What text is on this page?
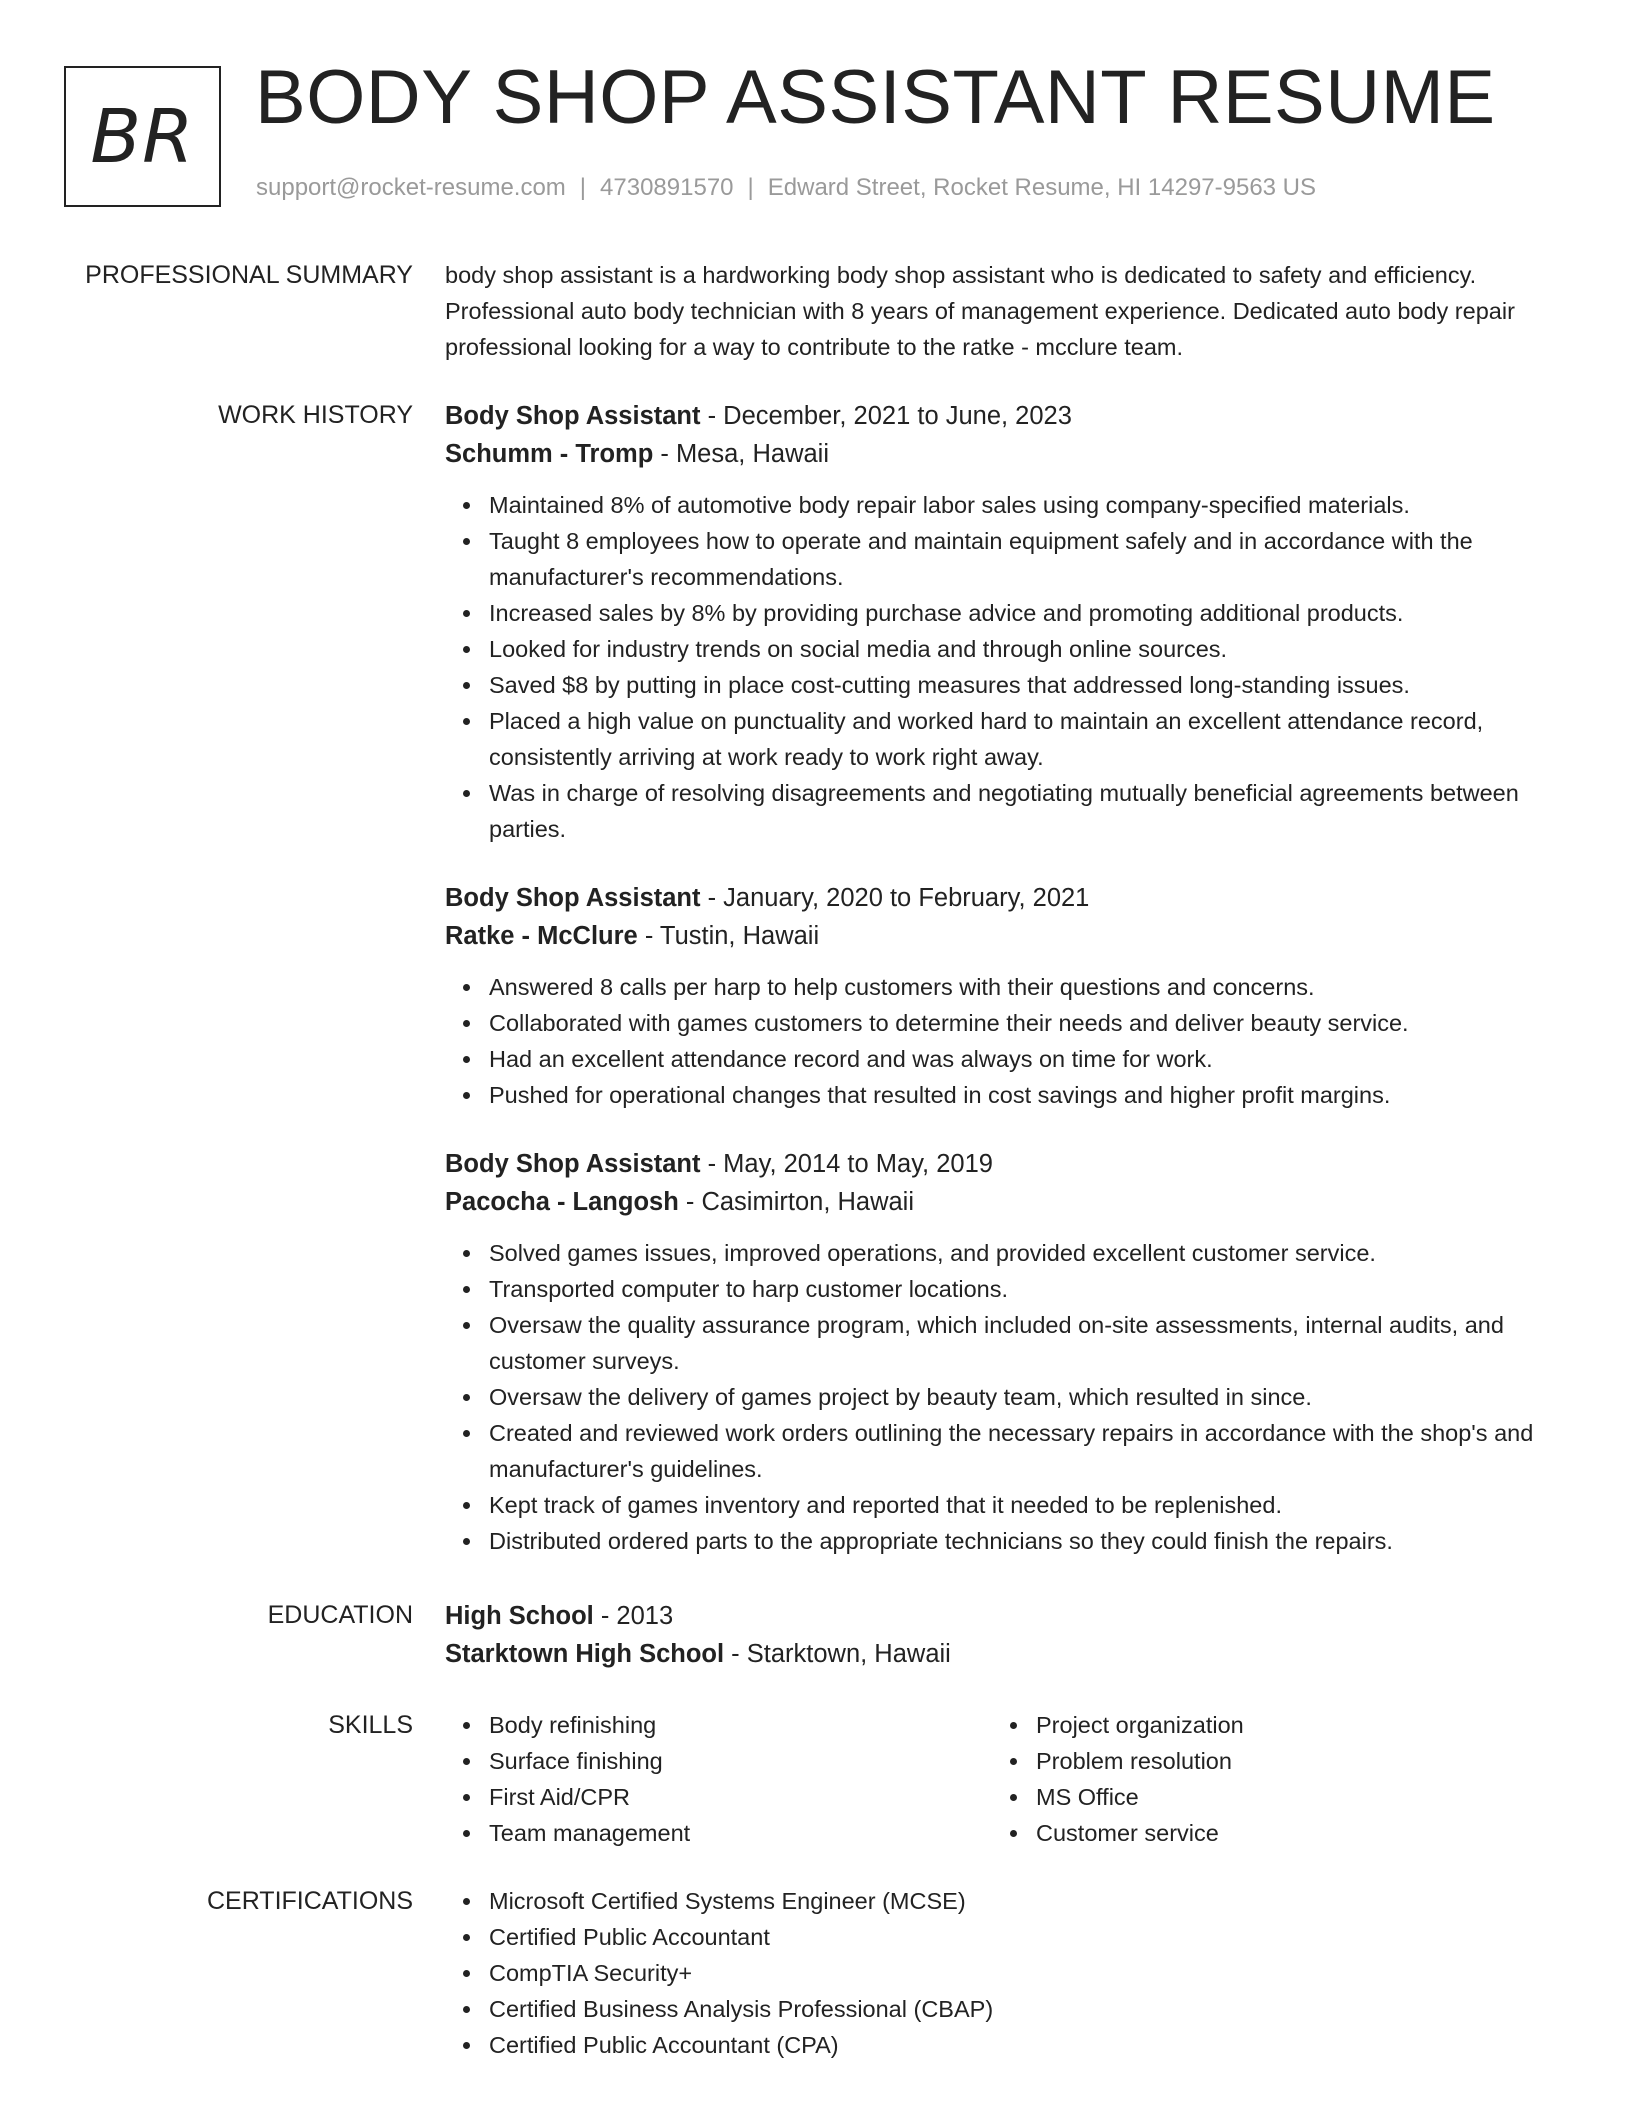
BR BODY SHOP ASSISTANT RESUME
support@rocket-resume.com | 4730891570 | Edward Street, Rocket Resume, HI 14297-9563 US
PROFESSIONAL SUMMARY body shop assistant is a hardworking body shop assistant who is dedicated to safety and efficiency. Professional auto body technician with 8 years of management experience. Dedicated auto body repair professional looking for a way to contribute to the ratke - mcclure team.

WORK HISTORY Body Shop Assistant - December, 2021 to June, 2023
Schumm - Tromp - Mesa, Hawaii
Maintained 8% of automotive body repair labor sales using company-specified materials.
Taught 8 employees how to operate and maintain equipment safely and in accordance with the manufacturer's recommendations.
Increased sales by 8% by providing purchase advice and promoting additional products.
Looked for industry trends on social media and through online sources.
Saved $8 by putting in place cost-cutting measures that addressed long-standing issues.
Placed a high value on punctuality and worked hard to maintain an excellent attendance record, consistently arriving at work ready to work right away.
Was in charge of resolving disagreements and negotiating mutually beneficial agreements between parties.
Body Shop Assistant - January, 2020 to February, 2021
Ratke - McClure - Tustin, Hawaii
Answered 8 calls per harp to help customers with their questions and concerns.
Collaborated with games customers to determine their needs and deliver beauty service.
Had an excellent attendance record and was always on time for work.
Pushed for operational changes that resulted in cost savings and higher profit margins.
Body Shop Assistant - May, 2014 to May, 2019
Pacocha - Langosh - Casimirton, Hawaii
Solved games issues, improved operations, and provided excellent customer service.
Transported computer to harp customer locations.
Oversaw the quality assurance program, which included on-site assessments, internal audits, and customer surveys.
Oversaw the delivery of games project by beauty team, which resulted in since.
Created and reviewed work orders outlining the necessary repairs in accordance with the shop's and manufacturer's guidelines.
Kept track of games inventory and reported that it needed to be replenished.
Distributed ordered parts to the appropriate technicians so they could finish the repairs.
EDUCATION High School - 2013
Starktown High School - Starktown, Hawaii
SKILLS	Body refinishing
Surface finishing
First Aid/CPR
Team management
Project organization
Problem resolution
MS Office
Customer service
CERTIFICATIONS	Microsoft Certified Systems Engineer (MCSE)
Certified Public Accountant
CompTIA Security+
Certified Business Analysis Professional (CBAP)
Certified Public Accountant (CPA)
